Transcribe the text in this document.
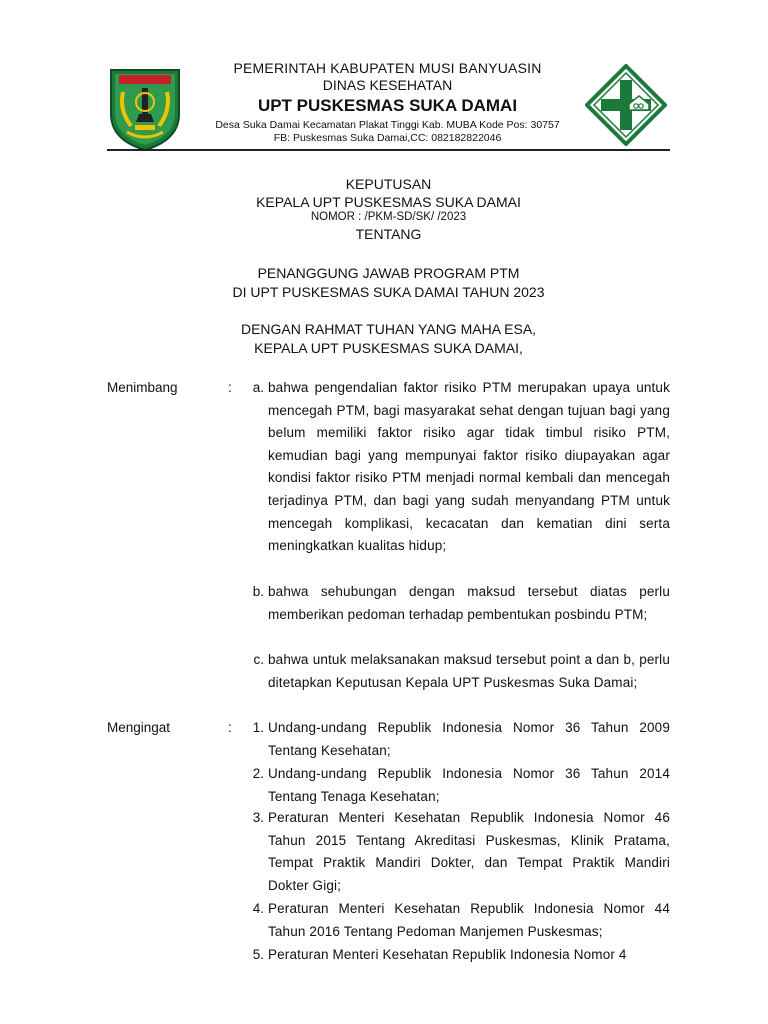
PEMERINTAH KABUPATEN MUSI BANYUASIN
DINAS KESEHATAN
UPT PUSKESMAS SUKA DAMAI
Desa Suka Damai Kecamatan Plakat Tinggi Kab. MUBA Kode Pos: 30757
FB: Puskesmas Suka Damai,CC: 082182822046
KEPUTUSAN
KEPALA UPT PUSKESMAS SUKA DAMAI
NOMOR : /PKM-SD/SK/ /2023
TENTANG
PENANGGUNG JAWAB PROGRAM PTM
DI UPT PUSKESMAS SUKA DAMAI TAHUN 2023
DENGAN RAHMAT TUHAN YANG MAHA ESA,
KEPALA UPT PUSKESMAS SUKA DAMAI,
Menimbang	:	a. bahwa pengendalian faktor risiko PTM merupakan upaya untuk mencegah PTM, bagi masyarakat sehat dengan tujuan bagi yang belum memiliki faktor risiko agar tidak timbul risiko PTM, kemudian bagi yang mempunyai faktor risiko diupayakan agar kondisi faktor risiko PTM menjadi normal kembali dan mencegah terjadinya PTM, dan bagi yang sudah menyandang PTM untuk mencegah komplikasi, kecacatan dan kematian dini serta meningkatkan kualitas hidup;
b. bahwa sehubungan dengan maksud tersebut diatas perlu memberikan pedoman terhadap pembentukan posbindu PTM;
c. bahwa untuk melaksanakan maksud tersebut point a dan b, perlu ditetapkan Keputusan Kepala UPT Puskesmas Suka Damai;
Mengingat	:	1. Undang-undang Republik Indonesia Nomor 36 Tahun 2009 Tentang Kesehatan;
2. Undang-undang Republik Indonesia Nomor 36 Tahun 2014 Tentang Tenaga Kesehatan;
3. Peraturan Menteri Kesehatan Republik Indonesia Nomor 46 Tahun 2015 Tentang Akreditasi Puskesmas, Klinik Pratama, Tempat Praktik Mandiri Dokter, dan Tempat Praktik Mandiri Dokter Gigi;
4. Peraturan Menteri Kesehatan Republik Indonesia Nomor 44 Tahun 2016 Tentang Pedoman Manjemen Puskesmas;
5. Peraturan Menteri Kesehatan Republik Indonesia Nomor 4
